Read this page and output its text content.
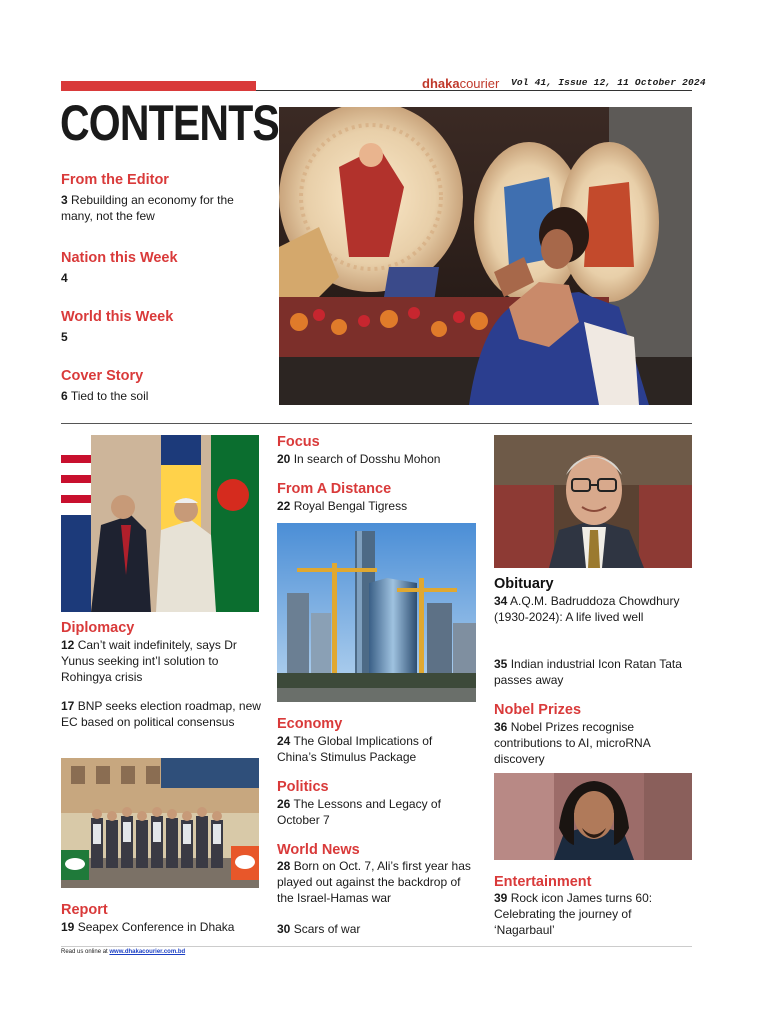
dhakacourier Vol 41, Issue 12, 11 October 2024
CONTENTS
From the Editor
3 Rebuilding an economy for the many, not the few
Nation this Week
4
World this Week
5
Cover Story
6 Tied to the soil
Diplomacy
12 Can’t wait indefinitely, says Dr Yunus seeking int’l solution to Rohingya crisis
17 BNP seeks election roadmap, new EC based on political consensus
Report
19 Seapex Conference in Dhaka
Focus
20 In search of Dosshu Mohon
From A Distance
22 Royal Bengal Tigress
Economy
24 The Global Implications of China’s Stimulus Package
Politics
26 The Lessons and Legacy of October 7
World News
28 Born on Oct. 7, Ali’s first year has played out against the backdrop of the Israel-Hamas war
30 Scars of war
Obituary
34 A.Q.M. Badruddoza Chowdhury (1930-2024): A life lived well
35 Indian industrial Icon Ratan Tata passes away
Nobel Prizes
36 Nobel Prizes recognise contributions to AI, microRNA discovery
Entertainment
39 Rock icon James turns 60: Celebrating the journey of ‘Nagarbaul’
Read us online at www.dhakacourier.com.bd
